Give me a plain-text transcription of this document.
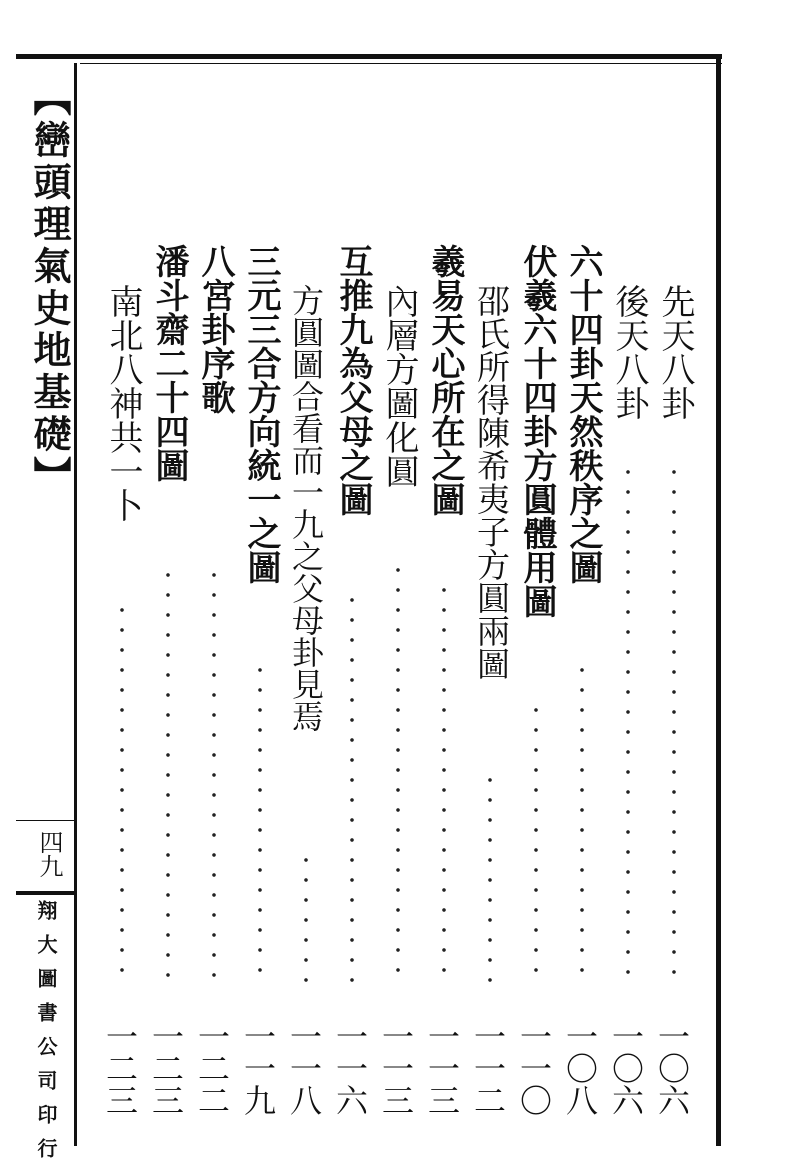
【巒頭理氣史地基礎】
四九
翔大圖書公司印行
先天八卦
一〇六
後天八卦
一〇六
六十四卦天然秩序之圖
一〇八
伏羲六十四卦方圓體用圖
一一〇
邵氏所得陳希夷子方圓兩圖
一一二
羲易天心所在之圖
一一三
內層方圖化圓
一一三
互推九為父母之圖
一一六
方圓圖合看而一九之父母卦見焉
一一八
三元三合方向統一之圖
一一九
八宮卦序歌
一二二
潘斗齋二十四圖
一二三
南北八神共一卜
一二三
